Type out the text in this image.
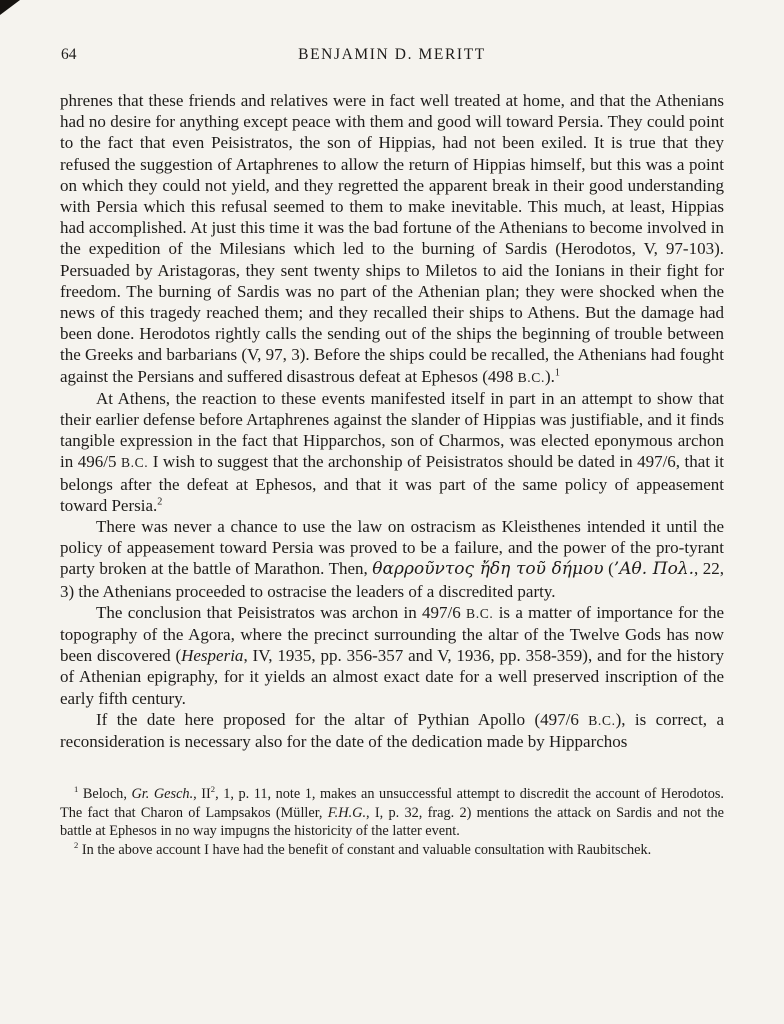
64	BENJAMIN D. MERITT

phrenes that these friends and relatives were in fact well treated at home, and that the Athenians had no desire for anything except peace with them and good will toward Persia. They could point to the fact that even Peisistratos, the son of Hippias, had not been exiled. It is true that they refused the suggestion of Artaphrenes to allow the return of Hippias himself, but this was a point on which they could not yield, and they regretted the apparent break in their good understanding with Persia which this refusal seemed to them to make inevitable. This much, at least, Hippias had accomplished. At just this time it was the bad fortune of the Athenians to become involved in the expedition of the Milesians which led to the burning of Sardis (Herodotos, V, 97-103). Persuaded by Aristagoras, they sent twenty ships to Miletos to aid the Ionians in their fight for freedom. The burning of Sardis was no part of the Athenian plan; they were shocked when the news of this tragedy reached them; and they recalled their ships to Athens. But the damage had been done. Herodotos rightly calls the sending out of the ships the beginning of trouble between the Greeks and barbarians (V, 97, 3). Before the ships could be recalled, the Athenians had fought against the Persians and suffered disastrous defeat at Ephesos (498 B.C.).$^1$

At Athens, the reaction to these events manifested itself in part in an attempt to show that their earlier defense before Artaphrenes against the slander of Hippias was justifiable, and it finds tangible expression in the fact that Hipparchos, son of Charmos, was elected eponymous archon in 496/5 B.C. I wish to suggest that the archonship of Peisistratos should be dated in 497/6, that it belongs after the defeat at Ephesos, and that it was part of the same policy of appeasement toward Persia.$^2$

There was never a chance to use the law on ostracism as Kleisthenes intended it until the policy of appeasement toward Persia was proved to be a failure, and the power of the pro-tyrant party broken at the battle of Marathon. Then, θαρροῦντος ἤδη τοῦ δήμου (’Αθ. Πολ., 22, 3) the Athenians proceeded to ostracise the leaders of a discredited party.

The conclusion that Peisistratos was archon in 497/6 B.C. is a matter of importance for the topography of the Agora, where the precinct surrounding the altar of the Twelve Gods has now been discovered (Hesperia, IV, 1935, pp. 356-357 and V, 1936, pp. 358-359), and for the history of Athenian epigraphy, for it yields an almost exact date for a well preserved inscription of the early fifth century.

If the date here proposed for the altar of Pythian Apollo (497/6 B.C.), is correct, a reconsideration is necessary also for the date of the dedication made by Hipparchos

$^1$ Beloch, Gr. Gesch., $II^2$, 1, p. 11, note 1, makes an unsuccessful attempt to discredit the account of Herodotos. The fact that Charon of Lampsakos (Müller, F.H.G., I, p. 32, frag. 2) mentions the attack on Sardis and not the battle at Ephesos in no way impugns the historicity of the latter event.

$^2$ In the above account I have had the benefit of constant and valuable consultation with Raubitschek.
